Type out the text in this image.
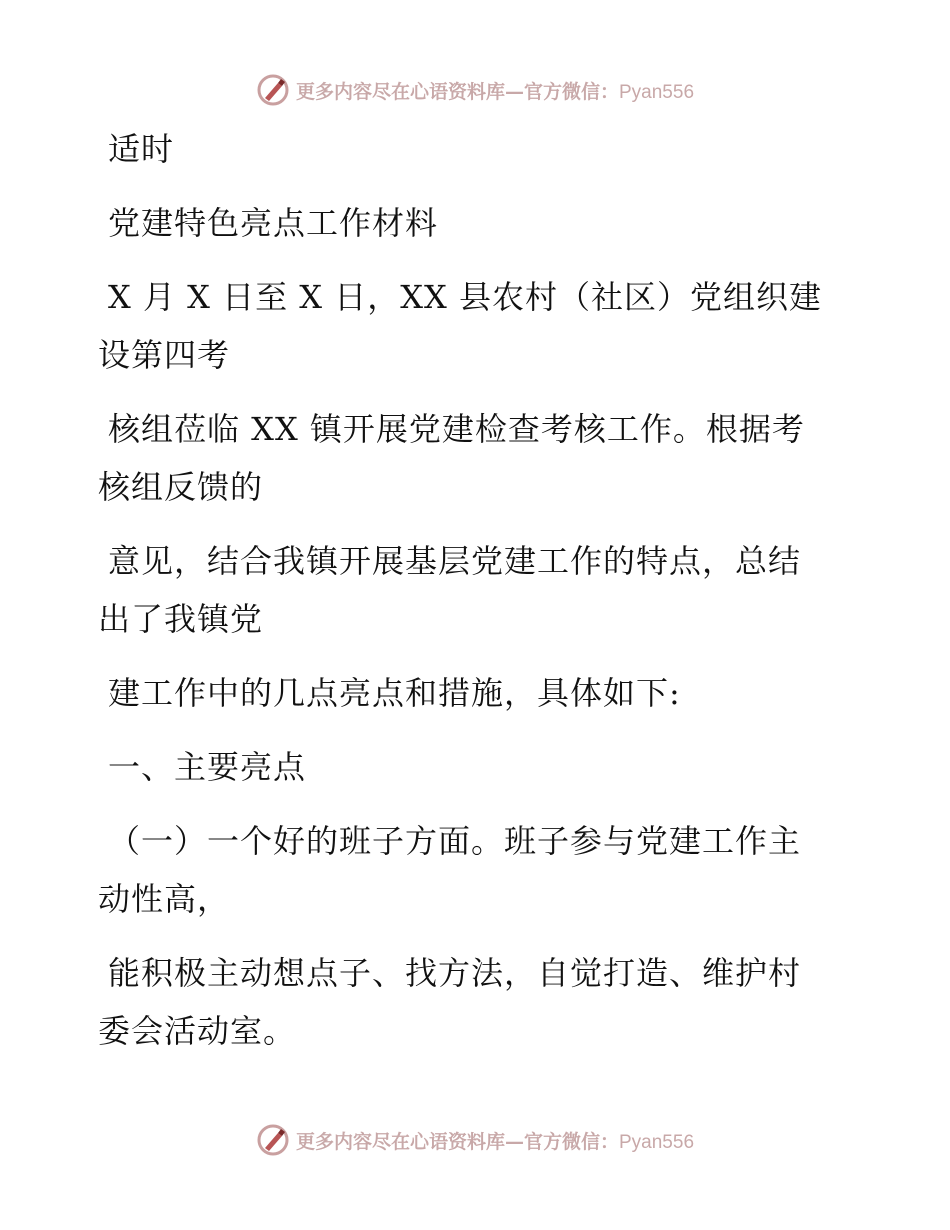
更多内容尽在心语资料库—官方微信：Pyan556

适时

党建特色亮点工作材料

X 月 X 日至 X 日，XX 县农村（社区）党组织建
设第四考

核组莅临 XX 镇开展党建检查考核工作。根据考
核组反馈的

意见，结合我镇开展基层党建工作的特点，总结
出了我镇党

建工作中的几点亮点和措施，具体如下:

一、主要亮点

（一）一个好的班子方面。班子参与党建工作主
动性高，

能积极主动想点子、找方法，自觉打造、维护村
委会活动室。

更多内容尽在心语资料库—官方微信：Pyan556
